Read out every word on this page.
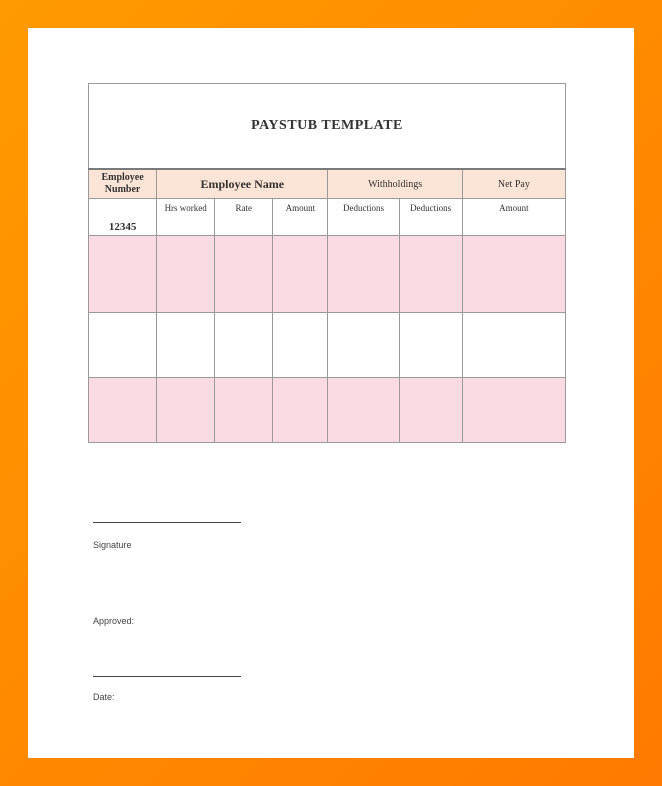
PAYSTUB TEMPLATE						
Employee Number	Employee Name			Withholdings		Net Pay
12345	Hrs worked	Rate	Amount	Deductions	Deductions	Amount

Signature
Approved:
Date:
